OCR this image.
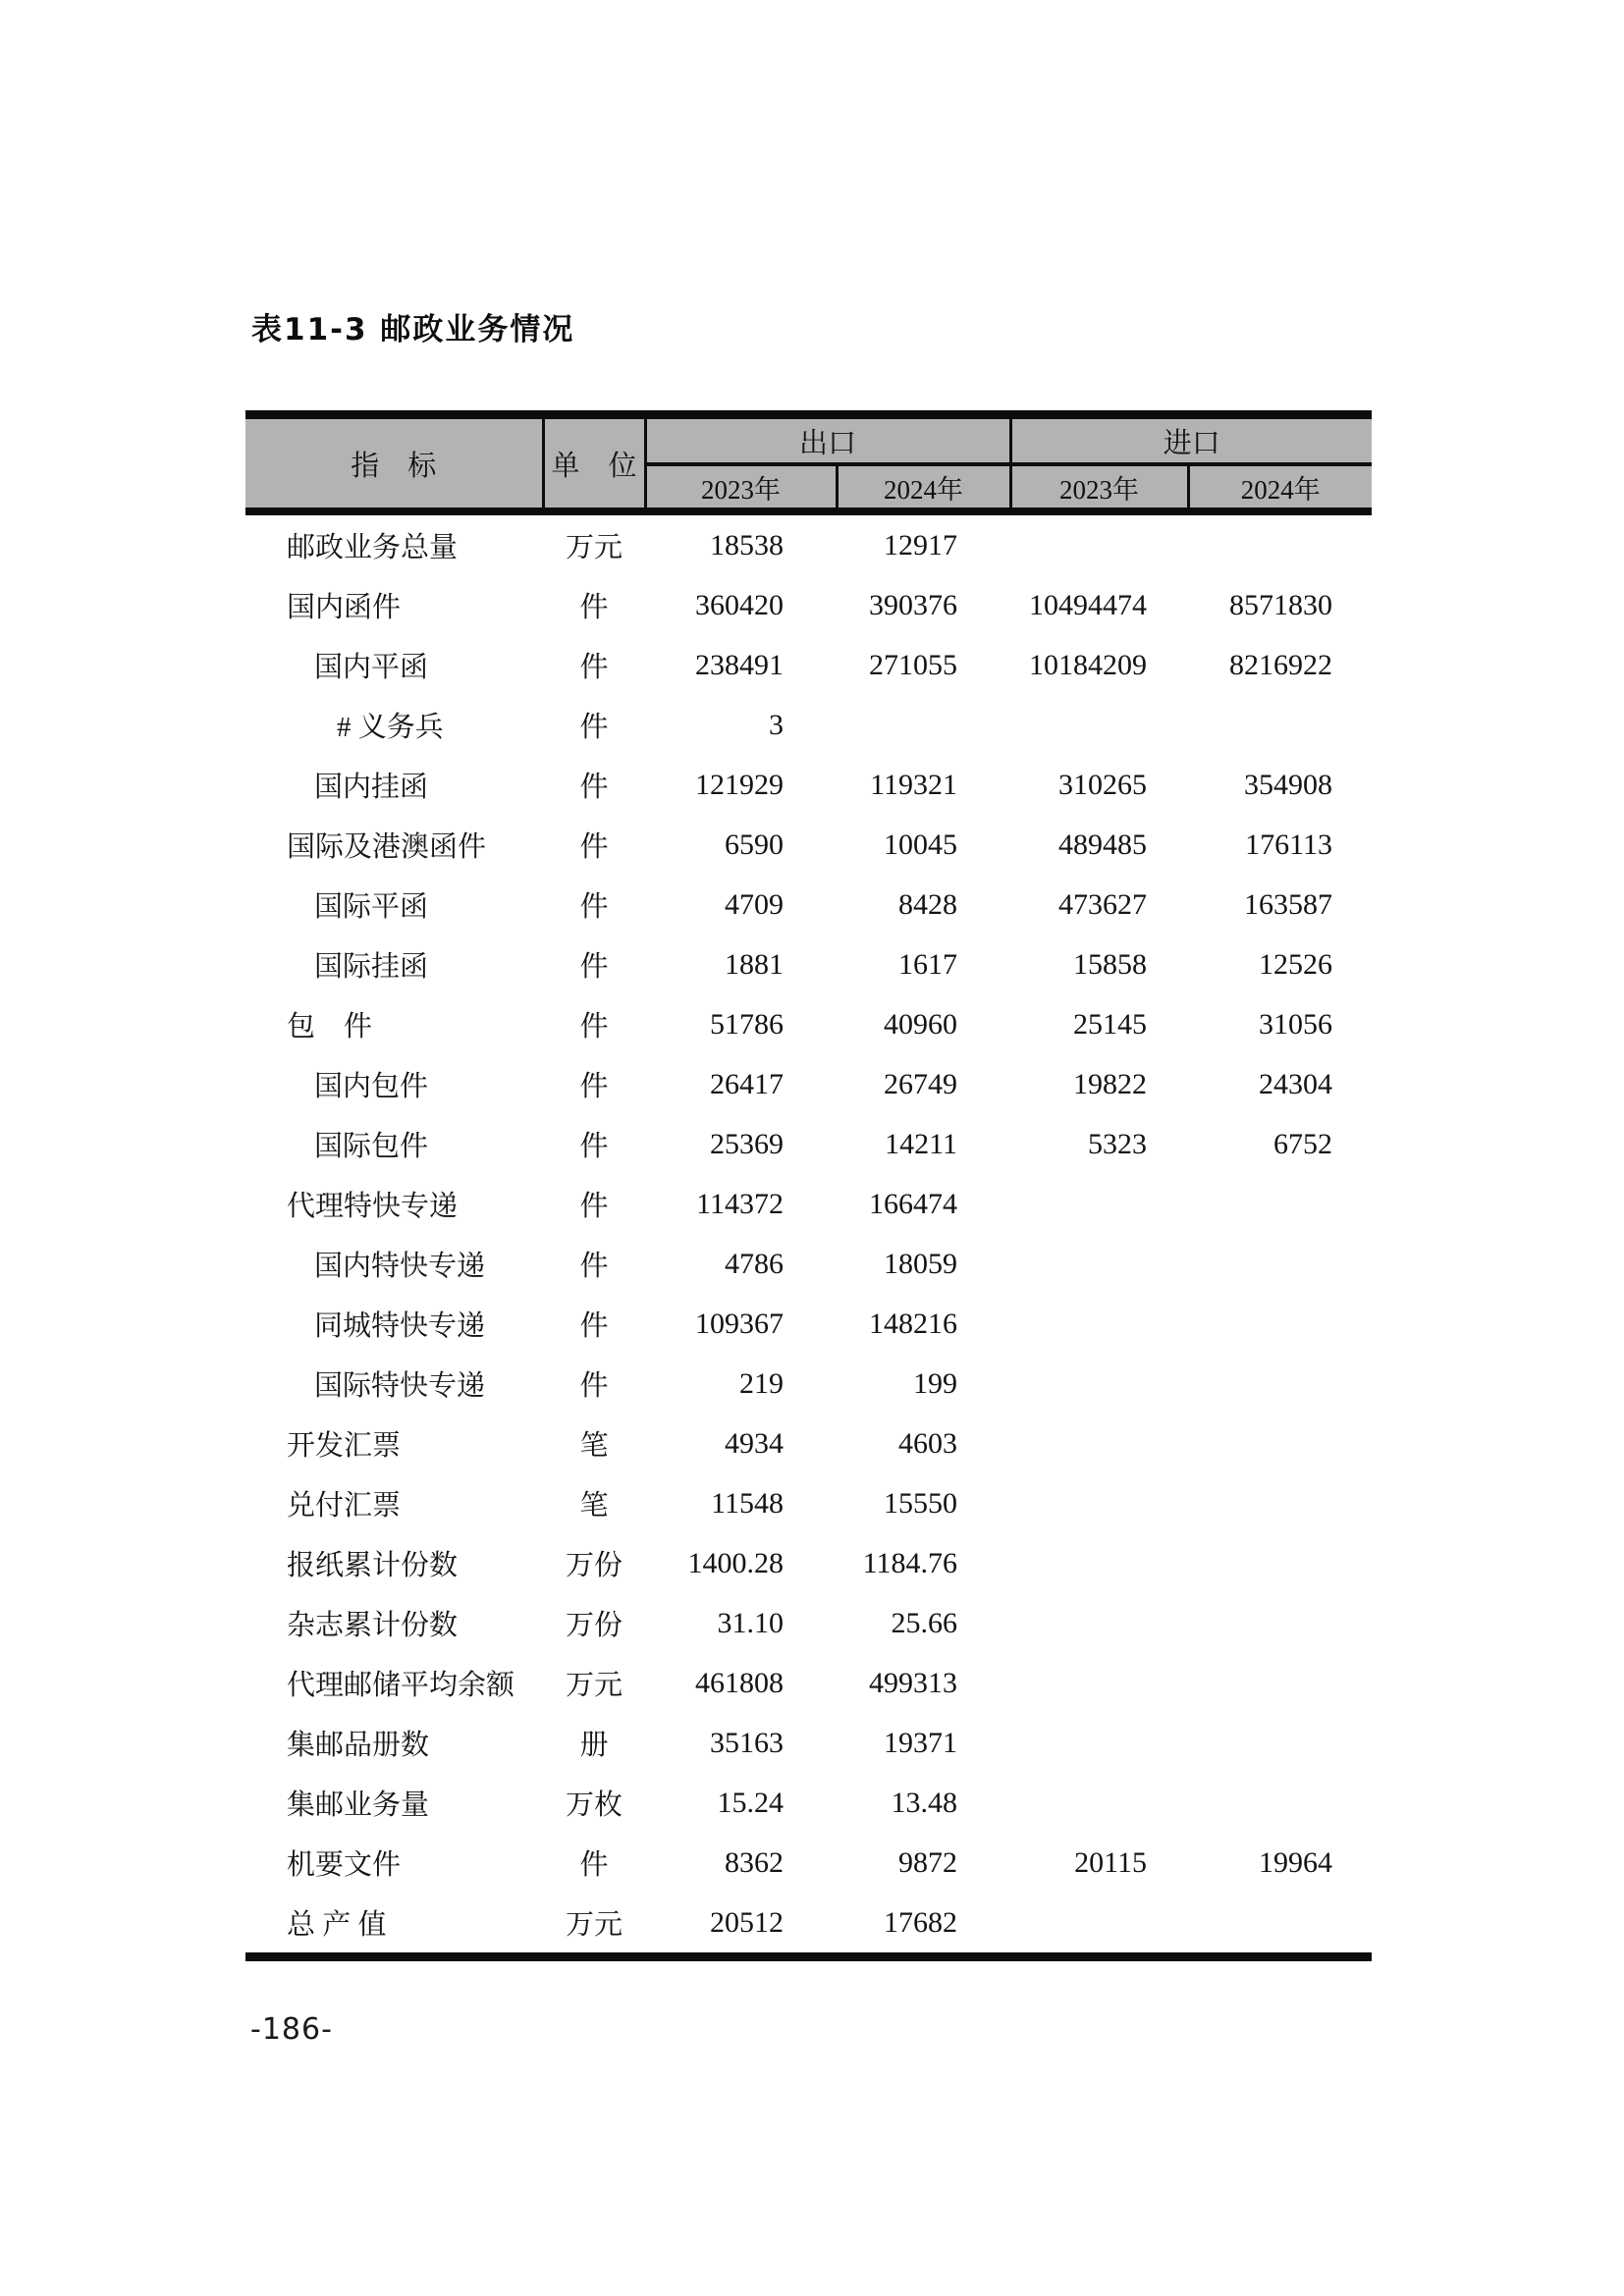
表11-3 邮政业务情况
指　标	单　位	出口		进口	
		2023年	2024年	2023年	2024年
邮政业务总量	万元	18538	12917		
国内函件	件	360420	390376	10494474	8571830
国内平函	件	238491	271055	10184209	8216922
# 义务兵	件	3			
国内挂函	件	121929	119321	310265	354908
国际及港澳函件	件	6590	10045	489485	176113
国际平函	件	4709	8428	473627	163587
国际挂函	件	1881	1617	15858	12526
包　件	件	51786	40960	25145	31056
国内包件	件	26417	26749	19822	24304
国际包件	件	25369	14211	5323	6752
代理特快专递	件	114372	166474		
国内特快专递	件	4786	18059		
同城特快专递	件	109367	148216		
国际特快专递	件	219	199		
开发汇票	笔	4934	4603		
兑付汇票	笔	11548	15550		
报纸累计份数	万份	1400.28	1184.76		
杂志累计份数	万份	31.10	25.66		
代理邮储平均余额	万元	461808	499313		
集邮品册数	册	35163	19371		
集邮业务量	万枚	15.24	13.48		
机要文件	件	8362	9872	20115	19964
总 产 值	万元	20512	17682		
-186-
